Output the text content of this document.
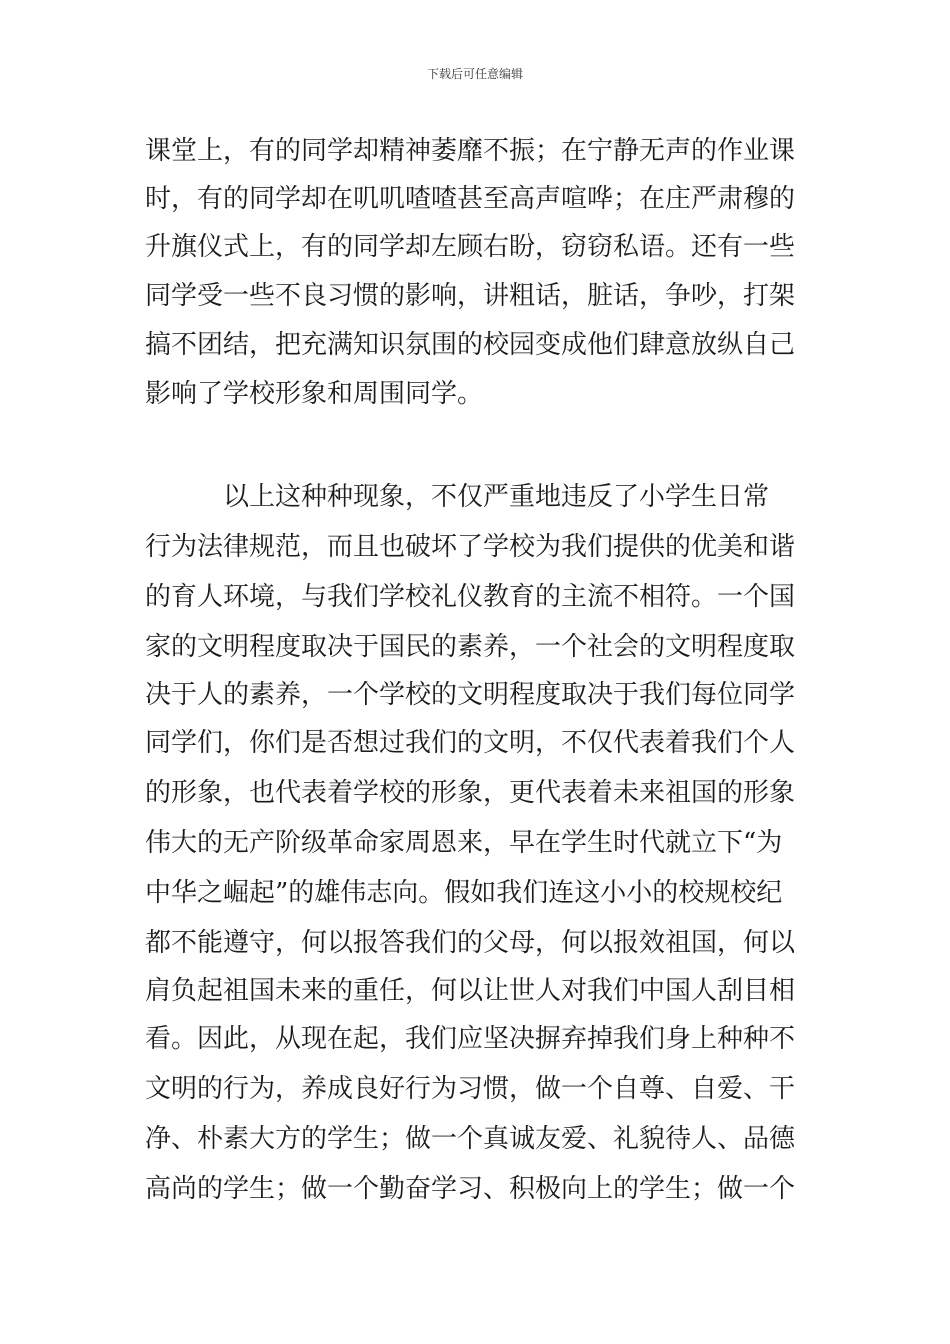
下载后可任意编辑
课堂上，有的同学却精神萎靡不振；在宁静无声的作业课
时，有的同学却在叽叽喳喳甚至高声喧哗；在庄严肃穆的
升旗仪式上，有的同学却左顾右盼，窃窃私语。还有一些
同学受一些不良习惯的影响，讲粗话，脏话，争吵，打架
搞不团结，把充满知识氛围的校园变成他们肆意放纵自己
影响了学校形象和周围同学。
　　　以上这种种现象，不仅严重地违反了小学生日常
行为法律规范，而且也破坏了学校为我们提供的优美和谐
的育人环境，与我们学校礼仪教育的主流不相符。一个国
家的文明程度取决于国民的素养，一个社会的文明程度取
决于人的素养，一个学校的文明程度取决于我们每位同学
同学们，你们是否想过我们的文明，不仅代表着我们个人
的形象，也代表着学校的形象，更代表着未来祖国的形象
伟大的无产阶级革命家周恩来，早在学生时代就立下“为
中华之崛起”的雄伟志向。假如我们连这小小的校规校纪
都不能遵守，何以报答我们的父母，何以报效祖国，何以
肩负起祖国未来的重任，何以让世人对我们中国人刮目相
看。因此，从现在起，我们应坚决摒弃掉我们身上种种不
文明的行为，养成良好行为习惯，做一个自尊、自爱、干
净、朴素大方的学生；做一个真诚友爱、礼貌待人、品德
高尚的学生；做一个勤奋学习、积极向上的学生；做一个
